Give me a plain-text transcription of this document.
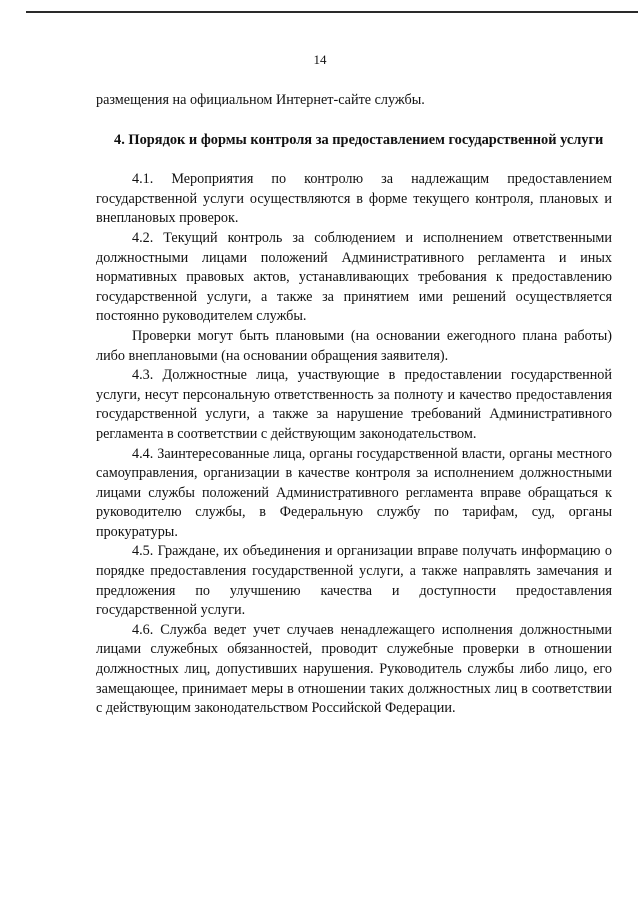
14

размещения на официальном Интернет-сайте службы.

4. Порядок и формы контроля за предоставлением государственной услуги

4.1. Мероприятия по контролю за надлежащим предоставлением государственной услуги осуществляются в форме текущего контроля, плановых и внеплановых проверок.

4.2. Текущий контроль за соблюдением и исполнением ответственными должностными лицами положений Административного регламента и иных нормативных правовых актов, устанавливающих требования к предоставлению государственной услуги, а также за принятием ими решений осуществляется постоянно руководителем службы.

Проверки могут быть плановыми (на основании ежегодного плана работы) либо внеплановыми (на основании обращения заявителя).

4.3. Должностные лица, участвующие в предоставлении государственной услуги, несут персональную ответственность за полноту и качество предоставления государственной услуги, а также за нарушение требований Административного регламента в соответствии с действующим законодательством.

4.4. Заинтересованные лица, органы государственной власти, органы местного самоуправления, организации в качестве контроля за исполнением должностными лицами службы положений Административного регламента вправе обращаться к руководителю службы, в Федеральную службу по тарифам, суд, органы прокуратуры.

4.5. Граждане, их объединения и организации вправе получать информацию о порядке предоставления государственной услуги, а также направлять замечания и предложения по улучшению качества и доступности предоставления государственной услуги.

4.6. Служба ведет учет случаев ненадлежащего исполнения должностными лицами служебных обязанностей, проводит служебные проверки в отношении должностных лиц, допустивших нарушения. Руководитель службы либо лицо, его замещающее, принимает меры в отношении таких должностных лиц в соответствии с действующим законодательством Российской Федерации.
